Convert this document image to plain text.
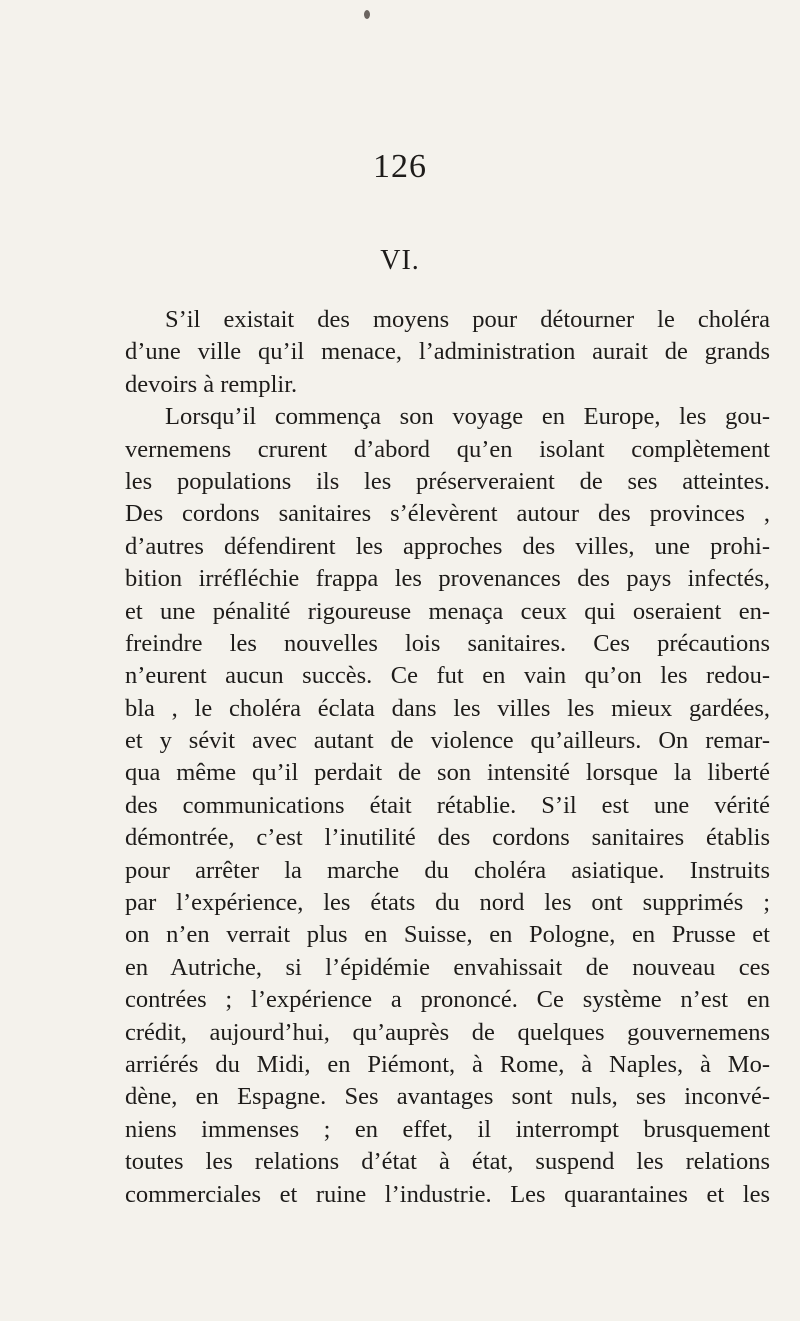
126
VI.
S’il existait des moyens pour détourner le choléra
d’une ville qu’il menace, l’administration aurait de grands
devoirs à remplir.
Lorsqu’il commença son voyage en Europe, les gou-
vernemens crurent d’abord qu’en isolant complètement
les populations ils les préserveraient de ses atteintes.
Des cordons sanitaires s’élevèrent autour des provinces ,
d’autres défendirent les approches des villes, une prohi-
bition irréfléchie frappa les provenances des pays infectés,
et une pénalité rigoureuse menaça ceux qui oseraient en-
freindre les nouvelles lois sanitaires. Ces précautions
n’eurent aucun succès. Ce fut en vain qu’on les redou-
bla , le choléra éclata dans les villes les mieux gardées,
et y sévit avec autant de violence qu’ailleurs. On remar-
qua même qu’il perdait de son intensité lorsque la liberté
des communications était rétablie. S’il est une vérité
démontrée, c’est l’inutilité des cordons sanitaires établis
pour arrêter la marche du choléra asiatique. Instruits
par l’expérience, les états du nord les ont supprimés ;
on n’en verrait plus en Suisse, en Pologne, en Prusse et
en Autriche, si l’épidémie envahissait de nouveau ces
contrées ; l’expérience a prononcé. Ce système n’est en
crédit, aujourd’hui, qu’auprès de quelques gouvernemens
arriérés du Midi, en Piémont, à Rome, à Naples, à Mo-
dène, en Espagne. Ses avantages sont nuls, ses inconvé-
niens immenses ; en effet, il interrompt brusquement
toutes les relations d’état à état, suspend les relations
commerciales et ruine l’industrie. Les quarantaines et les
